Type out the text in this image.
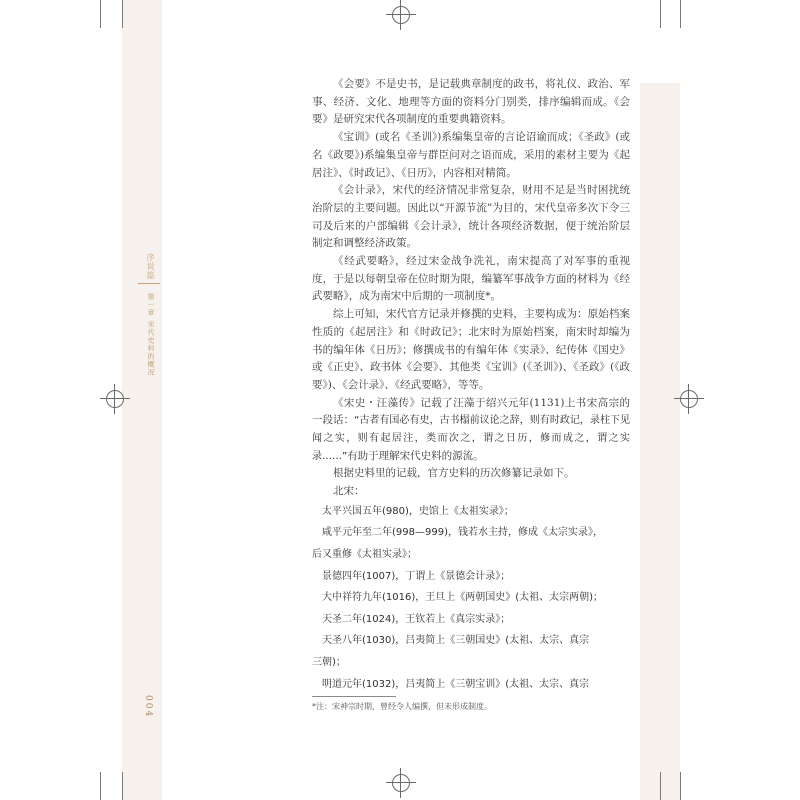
序说篇
第一章 宋代史料的概况
004

《会要》不是史书，是记载典章制度的政书，将礼仪、政治、军事、经济、文化、地理等方面的资料分门别类，排序编辑而成。《会要》是研究宋代各项制度的重要典籍资料。

《宝训》(或名《圣训》)系编集皇帝的言论诏谕而成；《圣政》(或名《政要》)系编集皇帝与群臣问对之语而成，采用的素材主要为《起居注》、《时政记》、《日历》，内容相对精简。

《会计录》，宋代的经济情况非常复杂，财用不足是当时困扰统治阶层的主要问题。因此以“开源节流”为目的，宋代皇帝多次下令三司及后来的户部编辑《会计录》，统计各项经济数据，便于统治阶层制定和调整经济政策。

《经武要略》，经过宋金战争洗礼，南宋提高了对军事的重视度，于是以每朝皇帝在位时期为限，编纂军事战争方面的材料为《经武要略》，成为南宋中后期的一项制度*。

综上可知，宋代官方记录并修撰的史料，主要构成为：原始档案性质的《起居注》和《时政记》；北宋时为原始档案，南宋时却编为书的编年体《日历》；修撰成书的有编年体《实录》、纪传体《国史》或《正史》、政书体《会要》、其他类《宝训》(《圣训》)、《圣政》(《政要》)、《会计录》、《经武要略》，等等。

《宋史・汪藻传》记载了汪藻于绍兴元年(1131)上书宋高宗的一段话：“古者有国必有史，古书榻前议论之辞，则有时政记，录柱下见闻之实，则有起居注，类而次之，谓之日历，修而成之，谓之实录……”有助于理解宋代史料的源流。

根据史料里的记载，官方史料的历次修纂记录如下。

北宋：

太平兴国五年(980)，史馆上《太祖实录》；

咸平元年至二年(998—999)，钱若水主持，修成《太宗实录》，

后又重修《太祖实录》；

景德四年(1007)，丁谓上《景德会计录》；

大中祥符九年(1016)，王旦上《两朝国史》(太祖、太宗两朝)；

天圣二年(1024)，王钦若上《真宗实录》；

天圣八年(1030)，吕夷简上《三朝国史》(太祖、太宗、真宗

三朝)；

明道元年(1032)，吕夷简上《三朝宝训》(太祖、太宗、真宗

*注：宋神宗时期，曾经令人编撰，但未形成制度。
